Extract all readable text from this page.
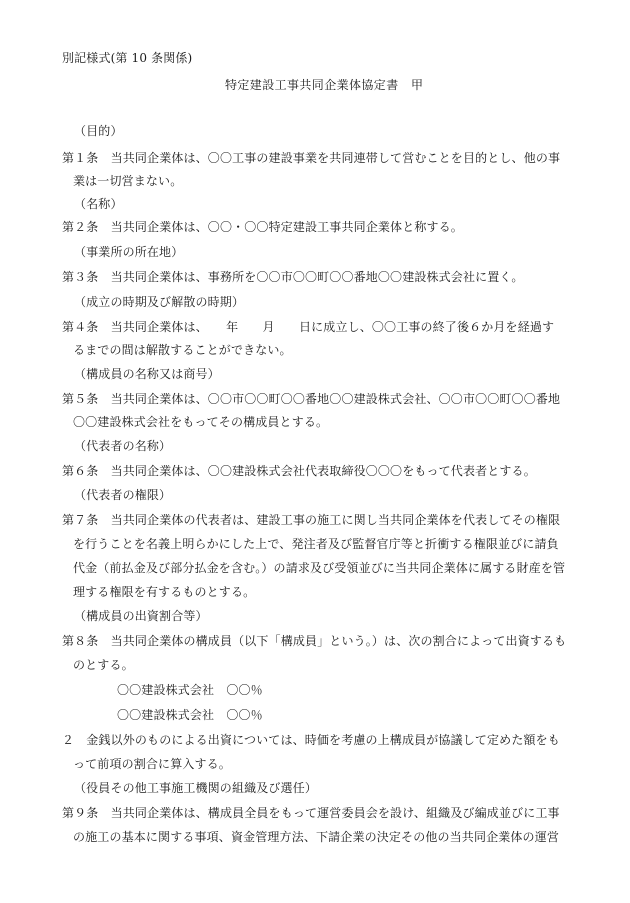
別記様式(第 10 条関係)
特定建設工事共同企業体協定書　甲
（目的）
第１条　当共同企業体は、〇〇工事の建設事業を共同連帯して営むことを目的とし、他の事
業は一切営まない。
（名称）
第２条　当共同企業体は、〇〇・〇〇特定建設工事共同企業体と称する。
（事業所の所在地）
第３条　当共同企業体は、事務所を〇〇市〇〇町〇〇番地〇〇建設株式会社に置く。
（成立の時期及び解散の時期）
第４条　当共同企業体は、　　年　　月　　日に成立し、〇〇工事の終了後６か月を経過す
るまでの間は解散することができない。
（構成員の名称又は商号）
第５条　当共同企業体は、〇〇市〇〇町〇〇番地〇〇建設株式会社、〇〇市〇〇町〇〇番地
〇〇建設株式会社をもってその構成員とする。
（代表者の名称）
第６条　当共同企業体は、〇〇建設株式会社代表取締役〇〇〇をもって代表者とする。
（代表者の権限）
第７条　当共同企業体の代表者は、建設工事の施工に関し当共同企業体を代表してその権限
を行うことを名義上明らかにした上で、発注者及び監督官庁等と折衝する権限並びに請負
代金（前払金及び部分払金を含む。）の請求及び受領並びに当共同企業体に属する財産を管
理する権限を有するものとする。
（構成員の出資割合等）
第８条　当共同企業体の構成員（以下「構成員」という。）は、次の割合によって出資するも
のとする。
〇〇建設株式会社　〇〇％
〇〇建設株式会社　〇〇％
２　金銭以外のものによる出資については、時価を考慮の上構成員が協議して定めた額をも
って前項の割合に算入する。
（役員その他工事施工機関の組織及び選任）
第９条　当共同企業体は、構成員全員をもって運営委員会を設け、組織及び編成並びに工事
の施工の基本に関する事項、資金管理方法、下請企業の決定その他の当共同企業体の運営
